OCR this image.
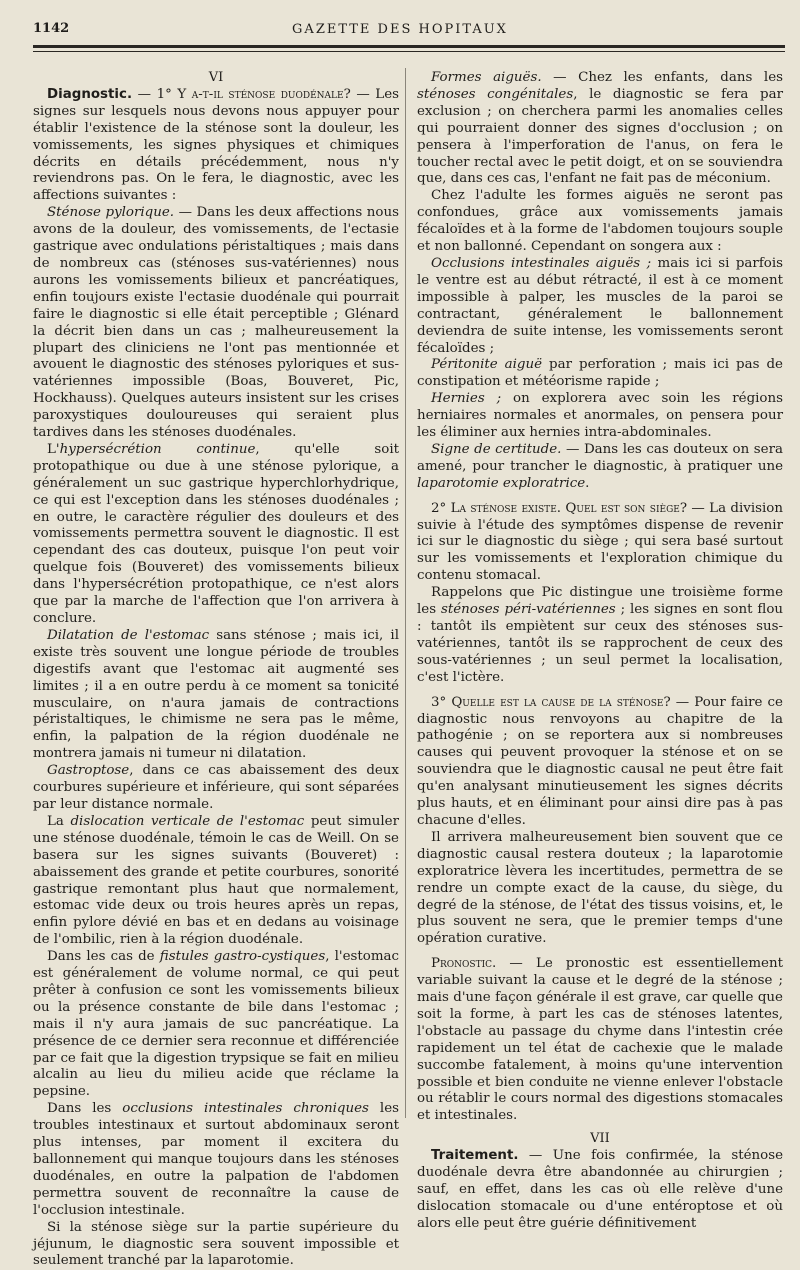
1142	GAZETTE DES HOPITAUX

VI

Diagnostic. — 1° Y a-t-il sténose duodénale? — Les signes sur lesquels nous devons nous appuyer pour établir l'existence de la sténose sont la douleur, les vomissements, les signes physiques et chimiques décrits en détails précédemment, nous n'y reviendrons pas. On le fera, le diagnostic, avec les affections suivantes :

Sténose pylorique. — Dans les deux affections nous avons de la douleur, des vomissements, de l'ectasie gastrique avec ondulations péristaltiques ; mais dans de nombreux cas (sténoses sus-vatériennes) nous aurons les vomissements bilieux et pancréatiques, enfin toujours existe l'ectasie duodénale qui pourrait faire le diagnostic si elle était perceptible ; Glénard la décrit bien dans un cas ; malheureusement la plupart des cliniciens ne l'ont pas mentionnée et avouent le diagnostic des sténoses pyloriques et sus-vatériennes impossible (Boas, Bouveret, Pic, Hockhauss). Quelques auteurs insistent sur les crises paroxystiques douloureuses qui seraient plus tardives dans les sténoses duodénales.

L'hypersécrétion continue, qu'elle soit protopathique ou due à une sténose pylorique, a généralement un suc gastrique hyperchlorhydrique, ce qui est l'exception dans les sténoses duodénales ; en outre, le caractère régulier des douleurs et des vomissements permettra souvent le diagnostic. Il est cependant des cas douteux, puisque l'on peut voir quelque fois (Bouveret) des vomissements bilieux dans l'hypersécrétion protopathique, ce n'est alors que par la marche de l'affection que l'on arrivera à conclure.

Dilatation de l'estomac sans sténose ; mais ici, il existe très souvent une longue période de troubles digestifs avant que l'estomac ait augmenté ses limites ; il a en outre perdu à ce moment sa tonicité musculaire, on n'aura jamais de contractions péristaltiques, le chimisme ne sera pas le même, enfin, la palpation de la région duodénale ne montrera jamais ni tumeur ni dilatation.

Gastroptose, dans ce cas abaissement des deux courbures supérieure et inférieure, qui sont séparées par leur distance normale.

La dislocation verticale de l'estomac peut simuler une sténose duodénale, témoin le cas de Weill. On se basera sur les signes suivants (Bouveret) : abaissement des grande et petite courbures, sonorité gastrique remontant plus haut que normalement, estomac vide deux ou trois heures après un repas, enfin pylore dévié en bas et en dedans au voisinage de l'ombilic, rien à la région duodénale.

Dans les cas de fistules gastro-cystiques, l'estomac est généralement de volume normal, ce qui peut prêter à confusion ce sont les vomissements bilieux ou la présence constante de bile dans l'estomac ; mais il n'y aura jamais de suc pancréatique. La présence de ce dernier sera reconnue et différenciée par ce fait que la digestion trypsique se fait en milieu alcalin au lieu du milieu acide que réclame la pepsine.

Dans les occlusions intestinales chroniques les troubles intestinaux et surtout abdominaux seront plus intenses, par moment il excitera du ballonnement qui manque toujours dans les sténoses duodénales, en outre la palpation de l'abdomen permettra souvent de reconnaître la cause de l'occlusion intestinale.

Si la sténose siège sur la partie supérieure du jéjunum, le diagnostic sera souvent impossible et seulement tranché par la laparotomie.

Formes aiguës. — Chez les enfants, dans les sténoses congénitales, le diagnostic se fera par exclusion ; on cherchera parmi les anomalies celles qui pourraient donner des signes d'occlusion ; on pensera à l'imperforation de l'anus, on fera le toucher rectal avec le petit doigt, et on se souviendra que, dans ces cas, l'enfant ne fait pas de méconium.

Chez l'adulte les formes aiguës ne seront pas confondues, grâce aux vomissements jamais fécaloïdes et à la forme de l'abdomen toujours souple et non ballonné. Cependant on songera aux :

Occlusions intestinales aiguës ; mais ici si parfois le ventre est au début rétracté, il est à ce moment impossible à palper, les muscles de la paroi se contractant, généralement le ballonnement deviendra de suite intense, les vomissements seront fécaloïdes ;

Péritonite aiguë par perforation ; mais ici pas de constipation et météorisme rapide ;

Hernies ; on explorera avec soin les régions herniaires normales et anormales, on pensera pour les éliminer aux hernies intra-abdominales.

Signe de certitude. — Dans les cas douteux on sera amené, pour trancher le diagnostic, à pratiquer une laparotomie exploratrice.

2° La sténose existe. Quel est son siège? — La division suivie à l'étude des symptômes dispense de revenir ici sur le diagnostic du siège ; qui sera basé surtout sur les vomissements et l'exploration chimique du contenu stomacal.

Rappelons que Pic distingue une troisième forme les sténoses péri-vatériennes ; les signes en sont flou : tantôt ils empiètent sur ceux des sténoses sus-vatériennes, tantôt ils se rapprochent de ceux des sous-vatériennes ; un seul permet la localisation, c'est l'ictère.

3° Quelle est la cause de la sténose? — Pour faire ce diagnostic nous renvoyons au chapitre de la pathogénie ; on se reportera aux si nombreuses causes qui peuvent provoquer la sténose et on se souviendra que le diagnostic causal ne peut être fait qu'en analysant minutieusement les signes décrits plus hauts, et en éliminant pour ainsi dire pas à pas chacune d'elles.

Il arrivera malheureusement bien souvent que ce diagnostic causal restera douteux ; la laparotomie exploratrice lèvera les incertitudes, permettra de se rendre un compte exact de la cause, du siège, du degré de la sténose, de l'état des tissus voisins, et, le plus souvent ne sera, que le premier temps d'une opération curative.

Pronostic. — Le pronostic est essentiellement variable suivant la cause et le degré de la sténose ; mais d'une façon générale il est grave, car quelle que soit la forme, à part les cas de sténoses latentes, l'obstacle au passage du chyme dans l'intestin crée rapidement un tel état de cachexie que le malade succombe fatalement, à moins qu'une intervention possible et bien conduite ne vienne enlever l'obstacle ou rétablir le cours normal des digestions stomacales et intestinales.

VII

Traitement. — Une fois confirmée, la sténose duodénale devra être abandonnée au chirurgien ; sauf, en effet, dans les cas où elle relève d'une dislocation stomacale ou d'une entéroptose et où alors elle peut être guérie définitivement
